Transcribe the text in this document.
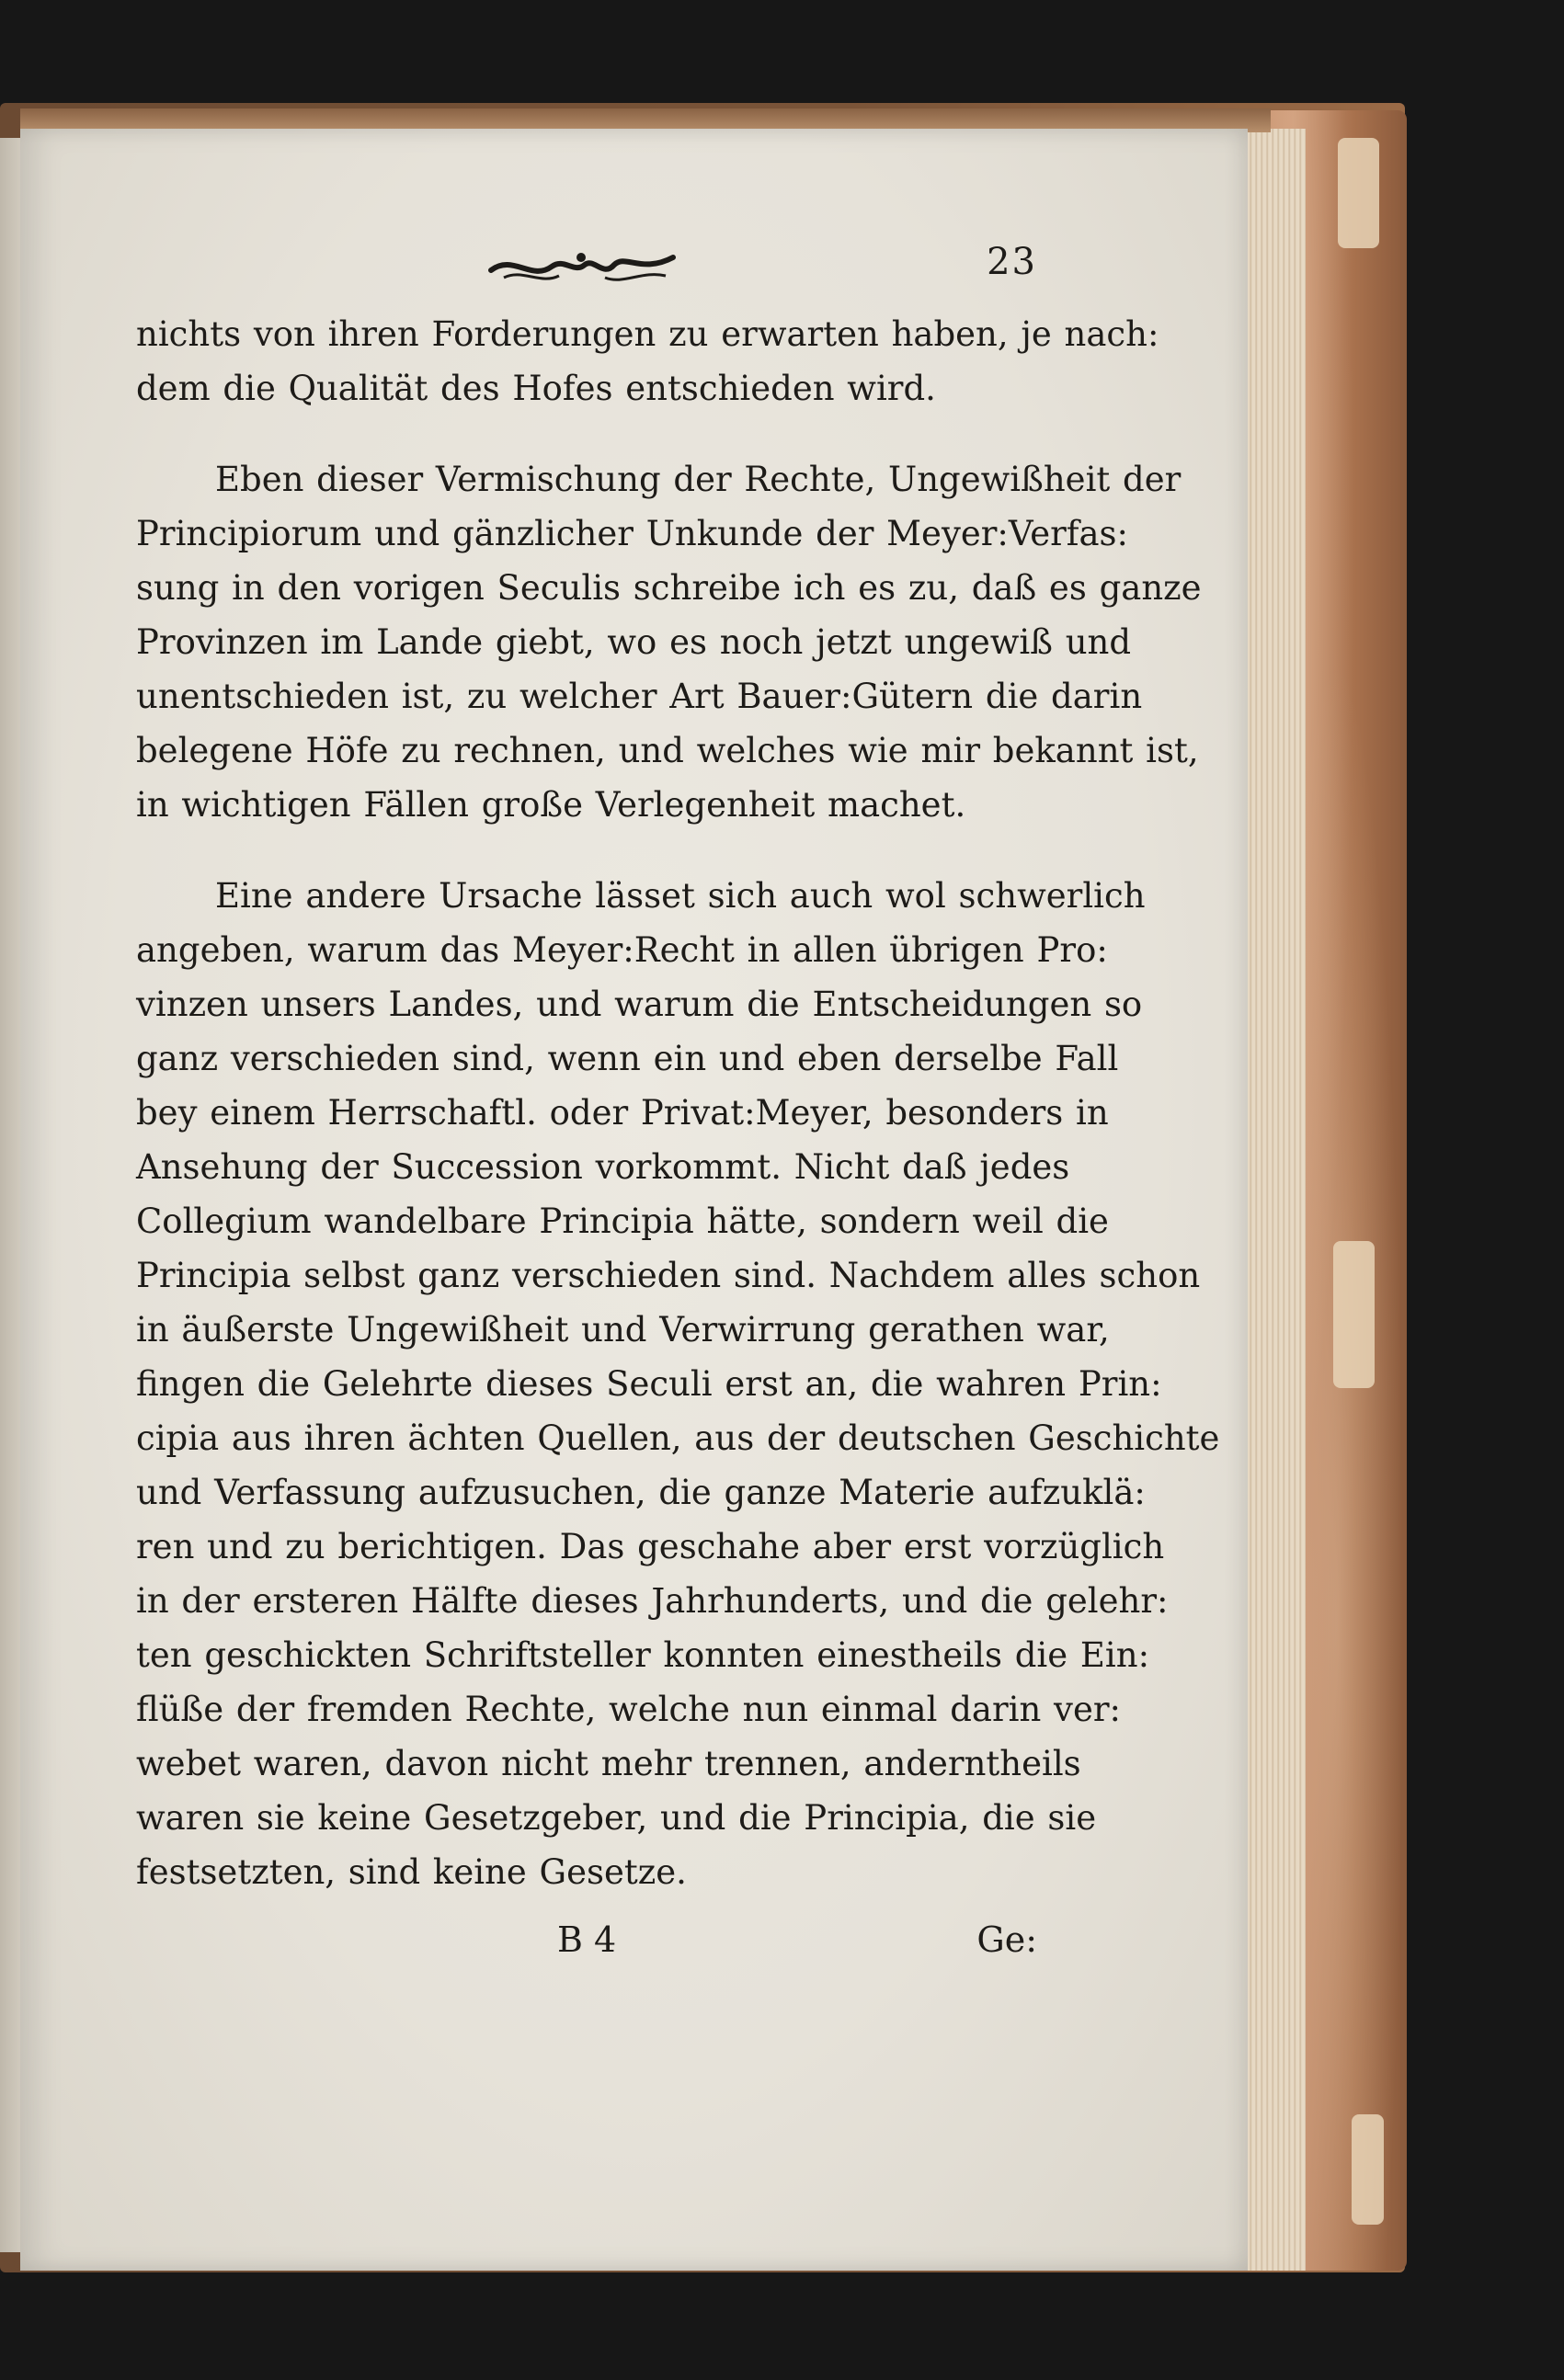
23

nichts von ihren Forderungen zu erwarten haben, je nach:
dem die Qualität des Hofes entschieden wird.

Eben dieser Vermischung der Rechte, Ungewißheit der
Principiorum und gänzlicher Unkunde der Meyer:Verfas:
sung in den vorigen Seculis schreibe ich es zu, daß es ganze
Provinzen im Lande giebt, wo es noch jetzt ungewiß und
unentschieden ist, zu welcher Art Bauer:Gütern die darin
belegene Höfe zu rechnen, und welches wie mir bekannt ist,
in wichtigen Fällen große Verlegenheit machet.

Eine andere Ursache lässet sich auch wol schwerlich
angeben, warum das Meyer:Recht in allen übrigen Pro:
vinzen unsers Landes, und warum die Entscheidungen so
ganz verschieden sind, wenn ein und eben derselbe Fall
bey einem Herrschaftl. oder Privat:Meyer, besonders in
Ansehung der Succession vorkommt. Nicht daß jedes
Collegium wandelbare Principia hätte, sondern weil die
Principia selbst ganz verschieden sind. Nachdem alles schon
in äußerste Ungewißheit und Verwirrung gerathen war,
fingen die Gelehrte dieses Seculi erst an, die wahren Prin:
cipia aus ihren ächten Quellen, aus der deutschen Geschichte
und Verfassung aufzusuchen, die ganze Materie aufzuklä:
ren und zu berichtigen. Das geschahe aber erst vorzüglich
in der ersteren Hälfte dieses Jahrhunderts, und die gelehr:
ten geschickten Schriftsteller konnten einestheils die Ein:
flüße der fremden Rechte, welche nun einmal darin ver:
webet waren, davon nicht mehr trennen, anderntheils
waren sie keine Gesetzgeber, und die Principia, die sie
festsetzten, sind keine Gesetze.

B 4	Ge:
